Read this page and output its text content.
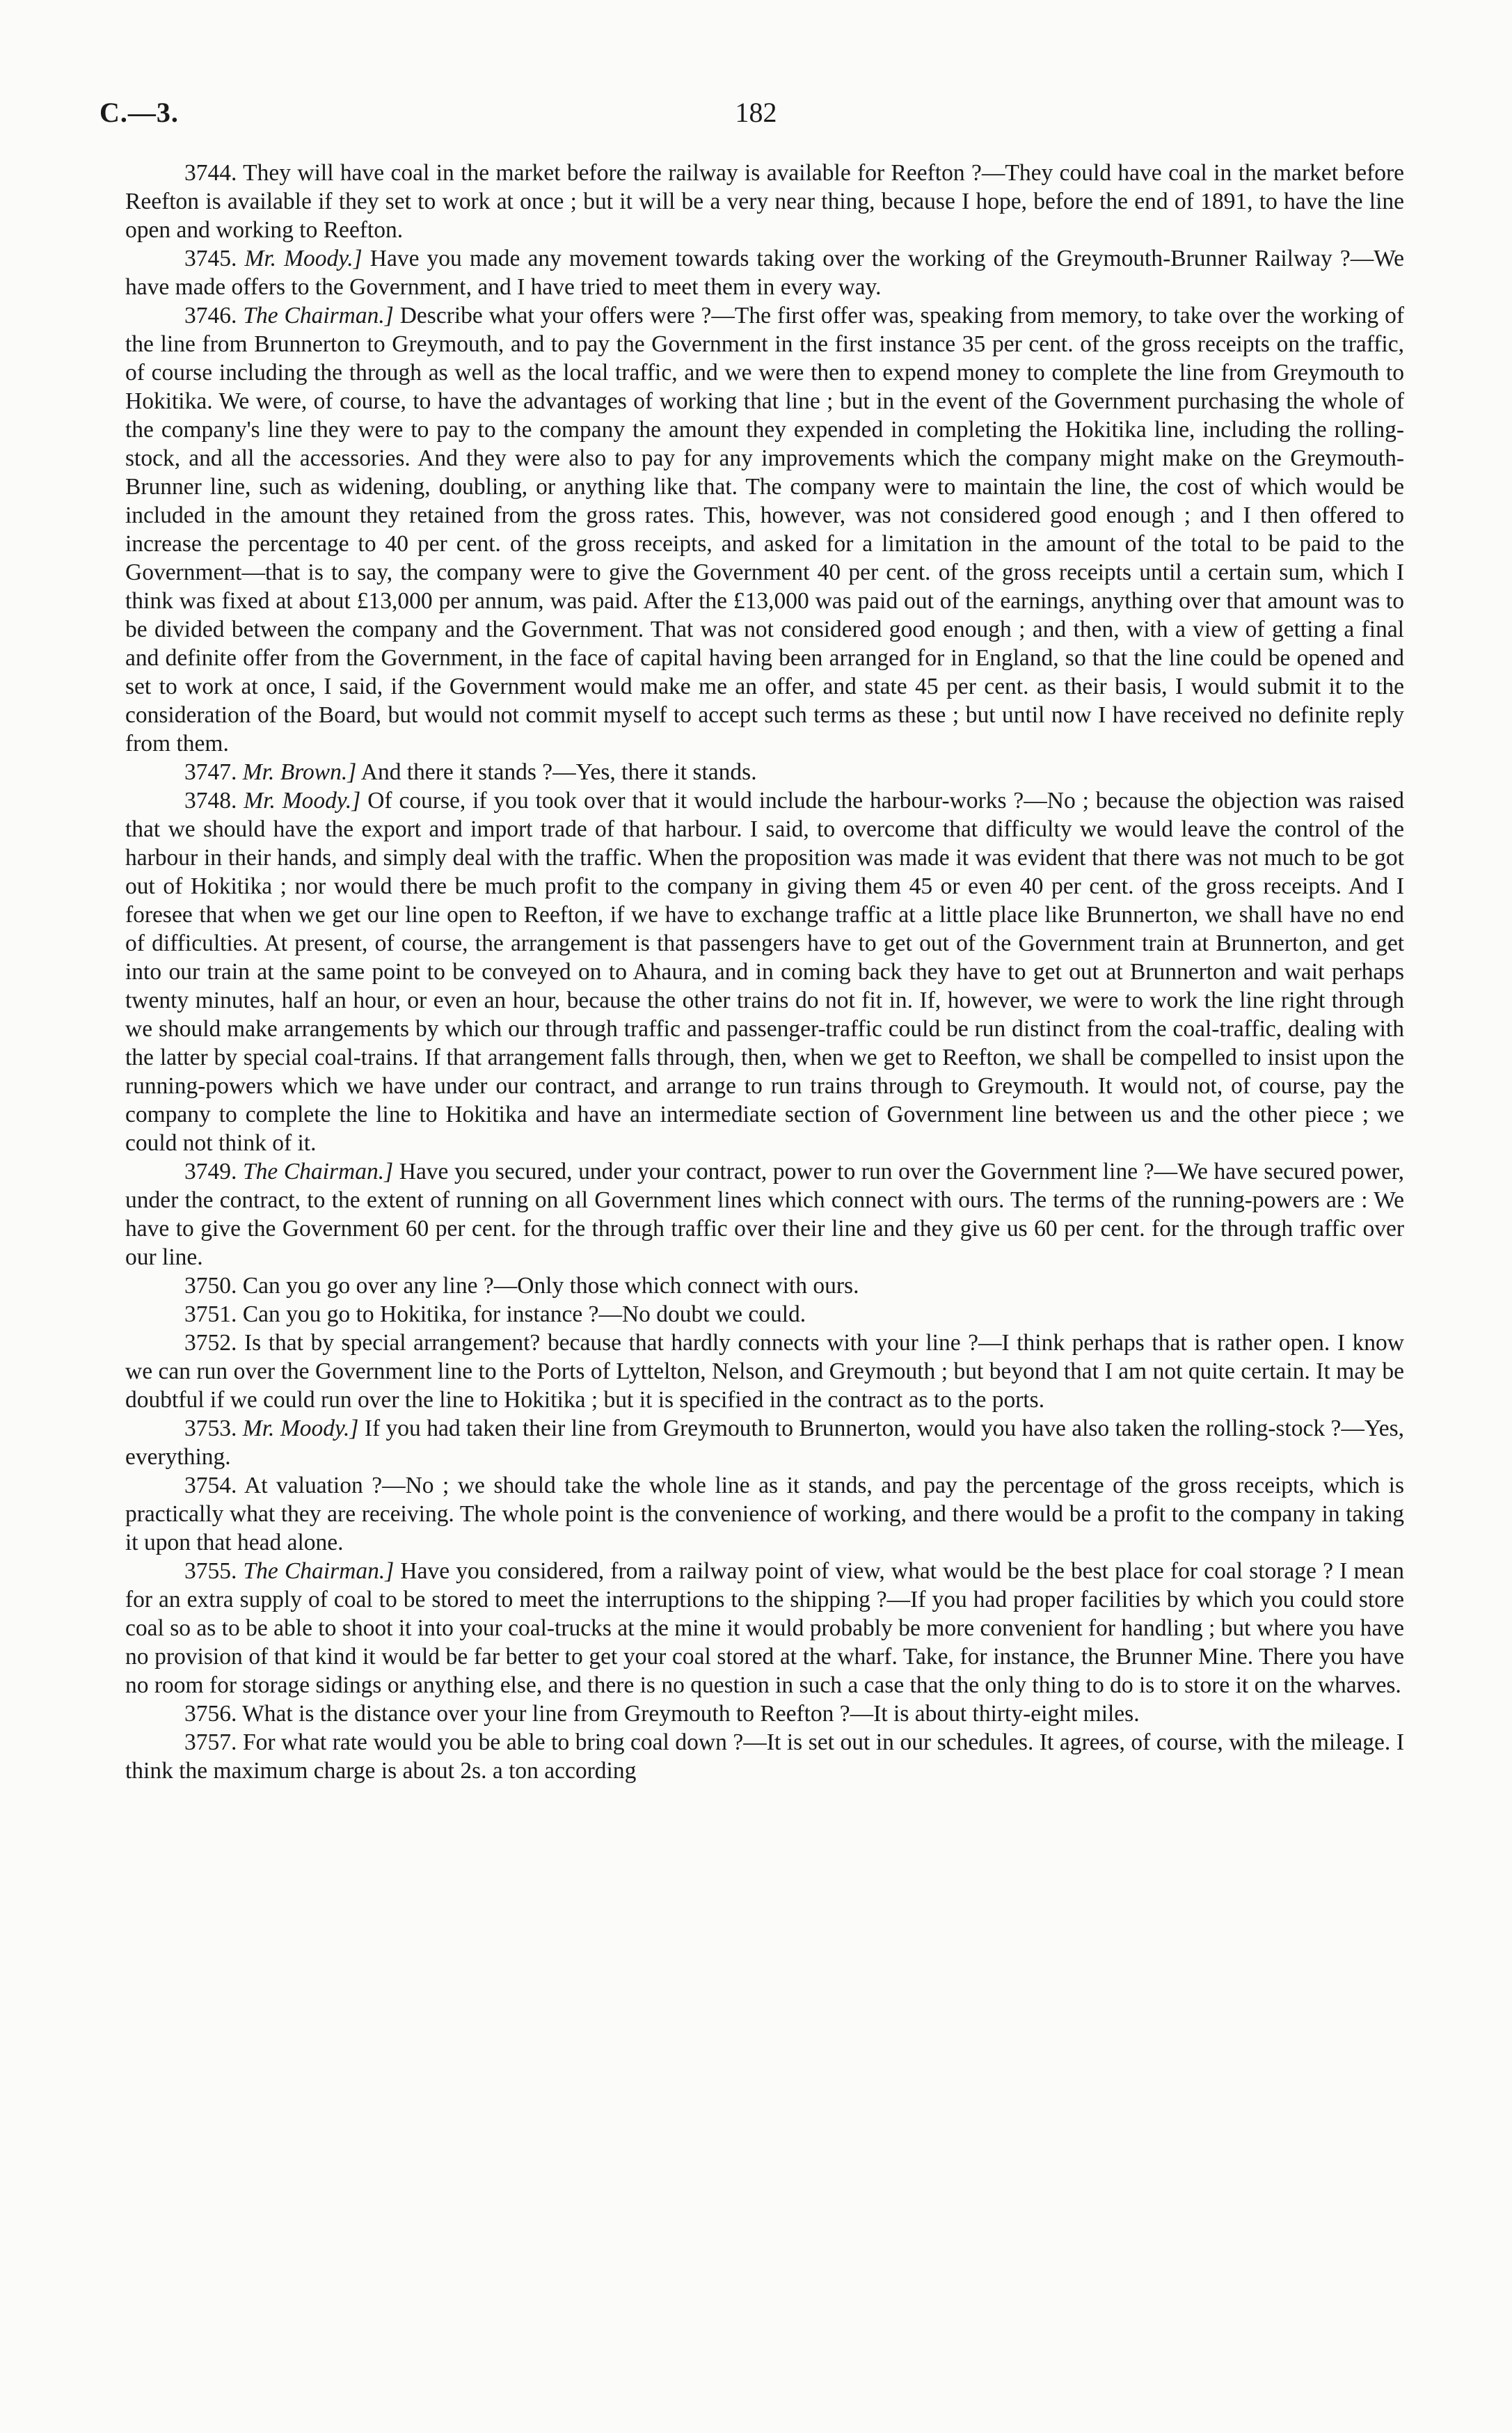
C.—3.	182

3744. They will have coal in the market before the railway is available for Reefton ?—They could have coal in the market before Reefton is available if they set to work at once ; but it will be a very near thing, because I hope, before the end of 1891, to have the line open and working to Reefton.

3745. Mr. Moody.] Have you made any movement towards taking over the working of the Greymouth-Brunner Railway ?—We have made offers to the Government, and I have tried to meet them in every way.

3746. The Chairman.] Describe what your offers were ?—The first offer was, speaking from memory, to take over the working of the line from Brunnerton to Greymouth, and to pay the Government in the first instance 35 per cent. of the gross receipts on the traffic, of course including the through as well as the local traffic, and we were then to expend money to complete the line from Greymouth to Hokitika. We were, of course, to have the advantages of working that line ; but in the event of the Government purchasing the whole of the company's line they were to pay to the company the amount they expended in completing the Hokitika line, including the rolling-stock, and all the accessories. And they were also to pay for any improvements which the company might make on the Greymouth-Brunner line, such as widening, doubling, or anything like that. The company were to maintain the line, the cost of which would be included in the amount they retained from the gross rates. This, however, was not considered good enough ; and I then offered to increase the percentage to 40 per cent. of the gross receipts, and asked for a limitation in the amount of the total to be paid to the Government—that is to say, the company were to give the Government 40 per cent. of the gross receipts until a certain sum, which I think was fixed at about £13,000 per annum, was paid. After the £13,000 was paid out of the earnings, anything over that amount was to be divided between the company and the Government. That was not considered good enough ; and then, with a view of getting a final and definite offer from the Government, in the face of capital having been arranged for in England, so that the line could be opened and set to work at once, I said, if the Government would make me an offer, and state 45 per cent. as their basis, I would submit it to the consideration of the Board, but would not commit myself to accept such terms as these ; but until now I have received no definite reply from them.

3747. Mr. Brown.] And there it stands ?—Yes, there it stands.

3748. Mr. Moody.] Of course, if you took over that it would include the harbour-works ?—No ; because the objection was raised that we should have the export and import trade of that harbour. I said, to overcome that difficulty we would leave the control of the harbour in their hands, and simply deal with the traffic. When the proposition was made it was evident that there was not much to be got out of Hokitika ; nor would there be much profit to the company in giving them 45 or even 40 per cent. of the gross receipts. And I foresee that when we get our line open to Reefton, if we have to exchange traffic at a little place like Brunnerton, we shall have no end of difficulties. At present, of course, the arrangement is that passengers have to get out of the Government train at Brunnerton, and get into our train at the same point to be conveyed on to Ahaura, and in coming back they have to get out at Brunnerton and wait perhaps twenty minutes, half an hour, or even an hour, because the other trains do not fit in. If, however, we were to work the line right through we should make arrangements by which our through traffic and passenger-traffic could be run distinct from the coal-traffic, dealing with the latter by special coal-trains. If that arrangement falls through, then, when we get to Reefton, we shall be compelled to insist upon the running-powers which we have under our contract, and arrange to run trains through to Greymouth. It would not, of course, pay the company to complete the line to Hokitika and have an intermediate section of Government line between us and the other piece ; we could not think of it.

3749. The Chairman.] Have you secured, under your contract, power to run over the Government line ?—We have secured power, under the contract, to the extent of running on all Government lines which connect with ours. The terms of the running-powers are : We have to give the Government 60 per cent. for the through traffic over their line and they give us 60 per cent. for the through traffic over our line.

3750. Can you go over any line ?—Only those which connect with ours.

3751. Can you go to Hokitika, for instance ?—No doubt we could.

3752. Is that by special arrangement? because that hardly connects with your line ?—I think perhaps that is rather open. I know we can run over the Government line to the Ports of Lyttelton, Nelson, and Greymouth ; but beyond that I am not quite certain. It may be doubtful if we could run over the line to Hokitika ; but it is specified in the contract as to the ports.

3753. Mr. Moody.] If you had taken their line from Greymouth to Brunnerton, would you have also taken the rolling-stock ?—Yes, everything.

3754. At valuation ?—No ; we should take the whole line as it stands, and pay the percentage of the gross receipts, which is practically what they are receiving. The whole point is the convenience of working, and there would be a profit to the company in taking it upon that head alone.

3755. The Chairman.] Have you considered, from a railway point of view, what would be the best place for coal storage ? I mean for an extra supply of coal to be stored to meet the interruptions to the shipping ?—If you had proper facilities by which you could store coal so as to be able to shoot it into your coal-trucks at the mine it would probably be more convenient for handling ; but where you have no provision of that kind it would be far better to get your coal stored at the wharf. Take, for instance, the Brunner Mine. There you have no room for storage sidings or anything else, and there is no question in such a case that the only thing to do is to store it on the wharves.

3756. What is the distance over your line from Greymouth to Reefton ?—It is about thirty-eight miles.

3757. For what rate would you be able to bring coal down ?—It is set out in our schedules. It agrees, of course, with the mileage. I think the maximum charge is about 2s. a ton according
